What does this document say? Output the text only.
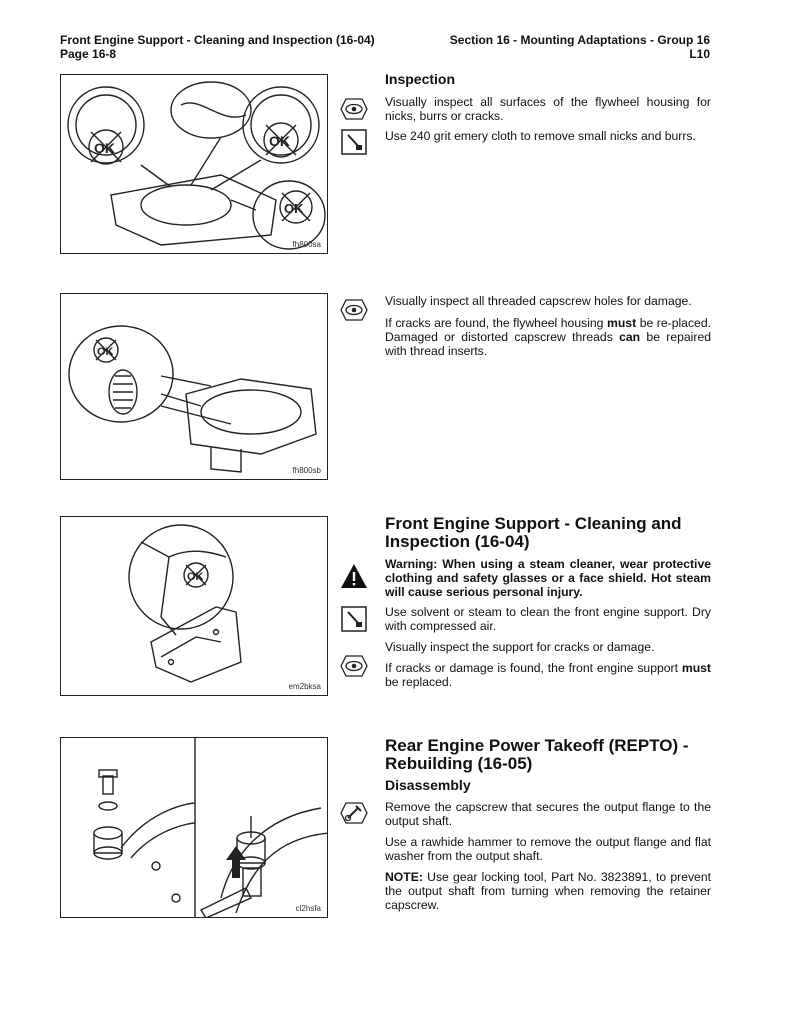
Front Engine Support - Cleaning and Inspection (16-04)
Page 16-8
Section 16 - Mounting Adaptations - Group 16
L10
OK	OK
OK
fh800sa
Inspection
Visually inspect all surfaces of the flywheel housing for nicks, burrs or cracks.
Use 240 grit emery cloth to remove small nicks and burrs.
OK
fh800sb
Visually inspect all threaded capscrew holes for damage.
If cracks are found, the flywheel housing must be re-placed. Damaged or distorted capscrew threads can be repaired with thread inserts.
OK
em2bksa
Front Engine Support - Cleaning and Inspection (16-04)
Warning: When using a steam cleaner, wear protective clothing and safety glasses or a face shield. Hot steam will cause serious personal injury.
Use solvent or steam to clean the front engine support. Dry with compressed air.
Visually inspect the support for cracks or damage.
If cracks or damage is found, the front engine support must be replaced.
cl2hsfa
Rear Engine Power Takeoff (REPTO) - Rebuilding (16-05)
Disassembly
Remove the capscrew that secures the output flange to the output shaft.
Use a rawhide hammer to remove the output flange and flat washer from the output shaft.
NOTE: Use gear locking tool, Part No. 3823891, to prevent the output shaft from turning when removing the retainer capscrew.
